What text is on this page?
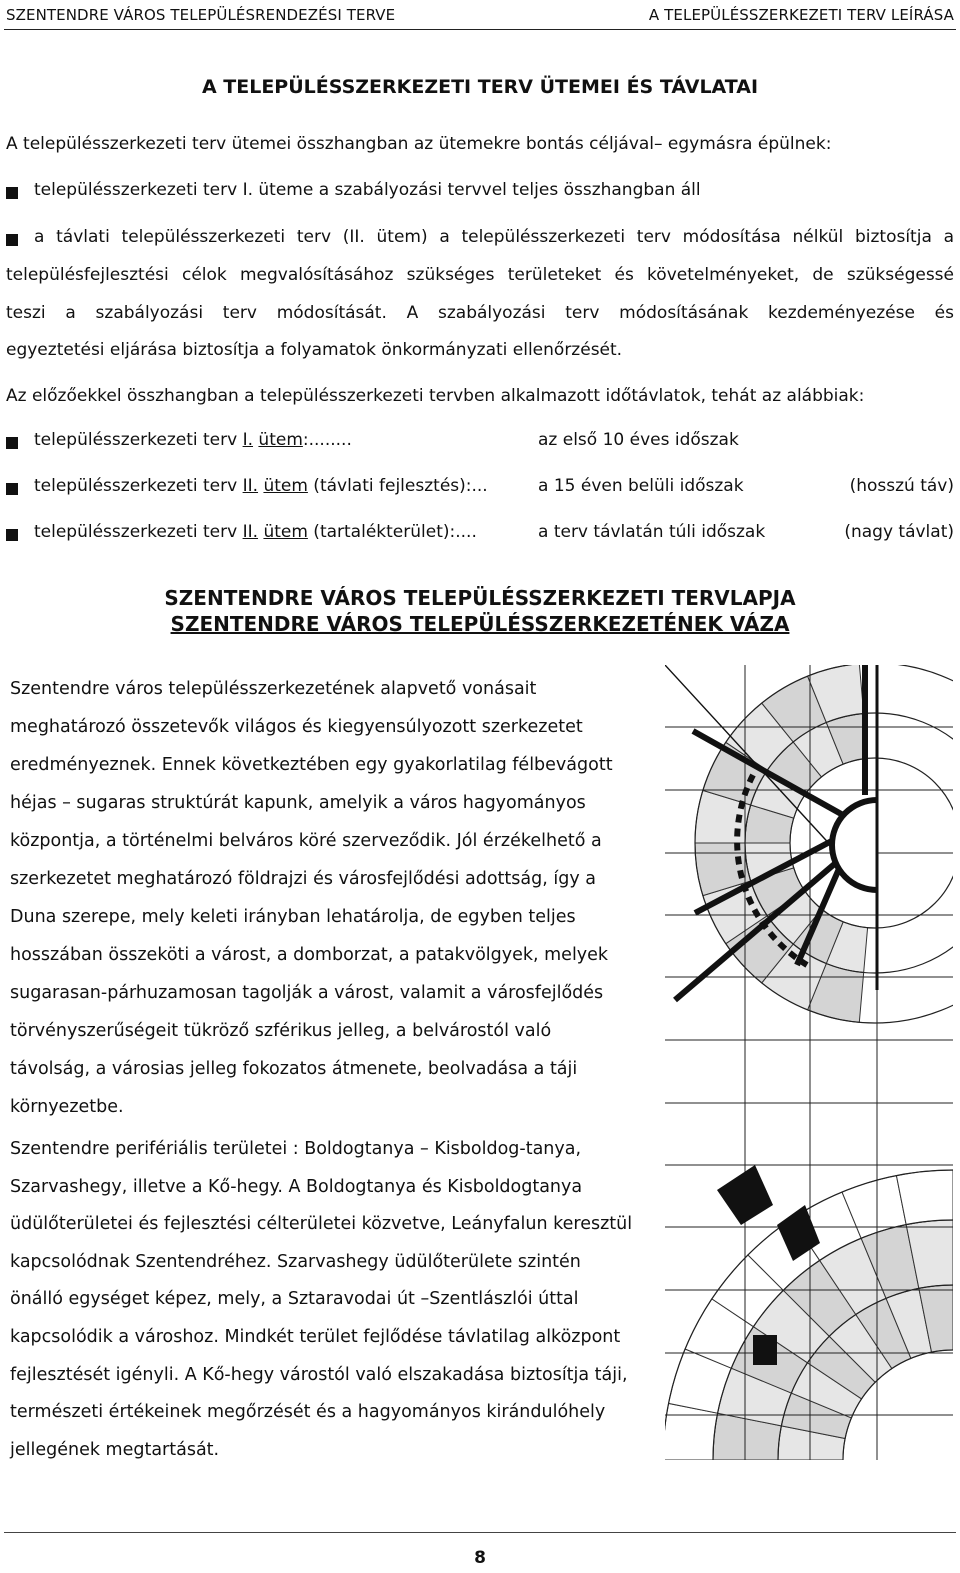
SZENTENDRE VÁROS TELEPÜLÉSRENDEZÉSI TERVE	A TELEPÜLÉSSZERKEZETI TERV LEÍRÁSA
A TELEPÜLÉSSZERKEZETI TERV ÜTEMEI ÉS TÁVLATAI
A településszerkezeti terv ütemei összhangban az ütemekre bontás céljával– egymásra épülnek:
településszerkezeti terv I. üteme a szabályozási tervvel teljes összhangban áll
a távlati településszerkezeti terv (II. ütem) a településszerkezeti terv módosítása nélkül biztosítja a
településfejlesztési célok megvalósításához szükséges területeket és követelményeket, de szükségessé
teszi a szabályozási terv módosítását. A szabályozási terv módosításának kezdeményezése és
egyeztetési eljárása biztosítja a folyamatok önkormányzati ellenőrzését.
Az előzőekkel összhangban a településszerkezeti tervben alkalmazott időtávlatok, tehát az alábbiak:
településszerkezeti terv I. ütem:........	az első 10 éves időszak
településszerkezeti terv II. ütem (távlati fejlesztés):...	a 15 éven belüli időszak	(hosszú táv)
településszerkezeti terv II. ütem (tartalékterület):....	a terv távlatán túli időszak	(nagy távlat)
SZENTENDRE VÁROS TELEPÜLÉSSZERKEZETI TERVLAPJA
SZENTENDRE VÁROS TELEPÜLÉSSZERKEZETÉNEK VÁZA

Szentendre város településszerkezetének alapvető vonásait

meghatározó összetevők világos és kiegyensúlyozott szerkezetet

eredményeznek. Ennek következtében egy gyakorlatilag félbevágott

héjas – sugaras struktúrát kapunk, amelyik a város hagyományos

központja, a történelmi belváros köré szerveződik. Jól érzékelhető a

szerkezetet meghatározó földrajzi és városfejlődési adottság, így a

Duna szerepe, mely keleti irányban lehatárolja, de egyben teljes

hosszában összeköti a várost, a domborzat, a patakvölgyek, melyek

sugarasan-párhuzamosan tagolják a várost, valamit a városfejlődés

törvényszerűségeit tükröző szférikus jelleg, a belvárostól való

távolság, a városias jelleg fokozatos átmenete, beolvadása a táji

környezetbe.

Szentendre perifériális területei : Boldogtanya – Kisboldog-tanya,

Szarvashegy, illetve a Kő-hegy. A Boldogtanya és Kisboldogtanya

üdülőterületei és fejlesztési célterületei közvetve, Leányfalun keresztül

kapcsolódnak Szentendréhez. Szarvashegy üdülőterülete szintén

önálló egységet képez, mely, a Sztaravodai út –Szentlászlói úttal

kapcsolódik a városhoz. Mindkét terület fejlődése távlatilag alközpont

fejlesztését igényli. A Kő-hegy várostól való elszakadása biztosítja táji,

természeti értékeinek megőrzését és a hagyományos kirándulóhely

jellegének megtartását.

8
